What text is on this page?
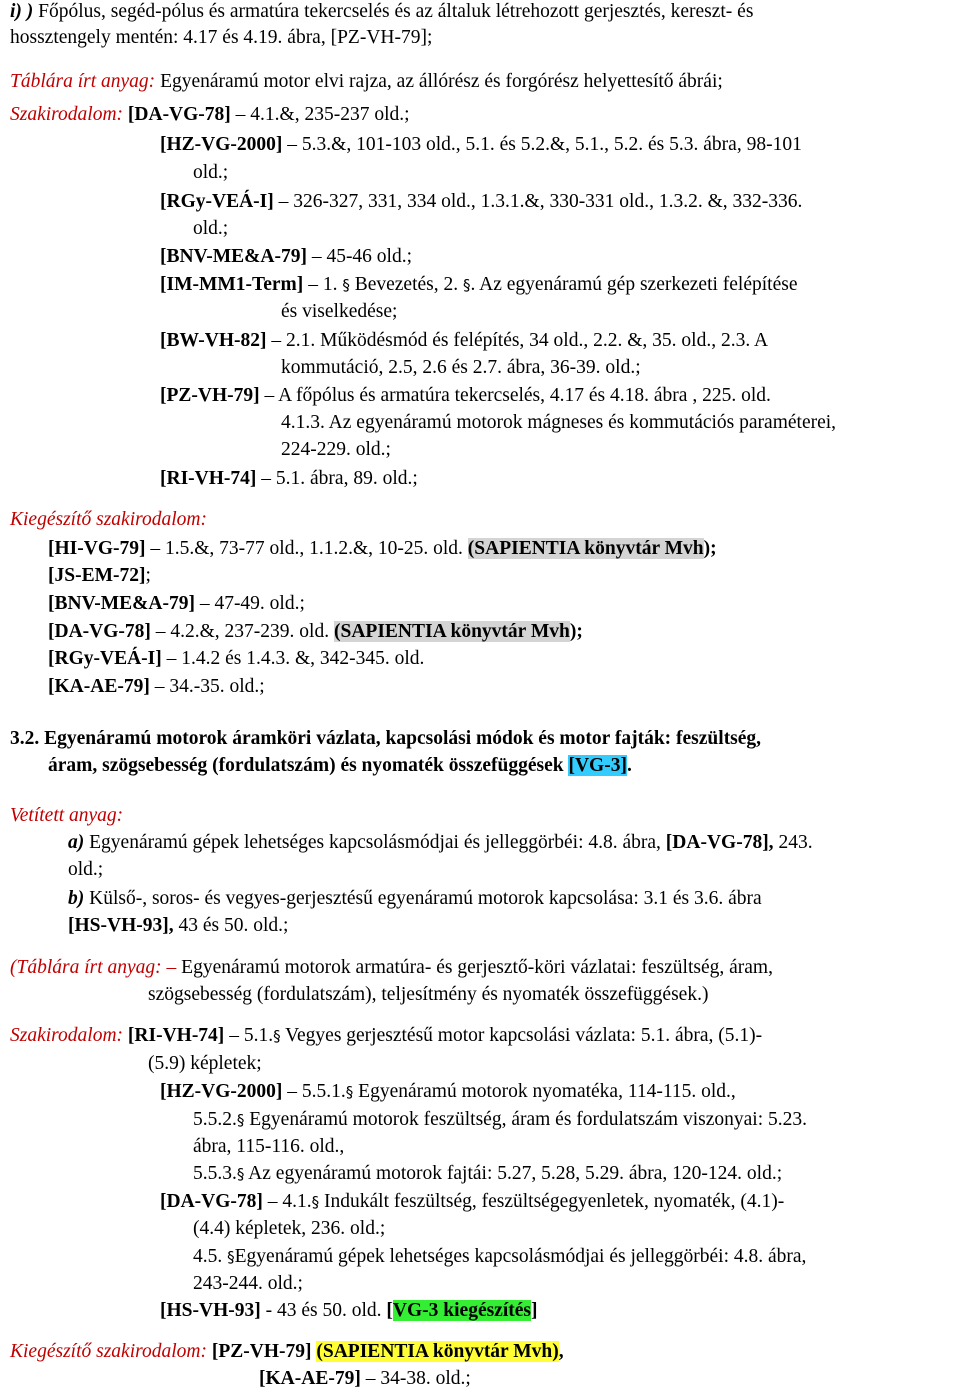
i) ) Főpólus, segéd-pólus és armatúra tekercselés és az általuk létrehozott gerjesztés, kereszt- és
hossztengely mentén: 4.17 és 4.19. ábra, [PZ-VH-79];
Táblára írt anyag: Egyenáramú motor elvi rajza, az állórész és forgórész helyettesítő ábrái;
Szakirodalom: [DA-VG-78] – 4.1.&, 235-237 old.;
[HZ-VG-2000] – 5.3.&, 101-103 old., 5.1. és 5.2.&, 5.1., 5.2. és 5.3. ábra, 98-101
old.;
[RGy-VEÁ-I] – 326-327, 331, 334 old., 1.3.1.&, 330-331 old., 1.3.2. &, 332-336.
old.;
[BNV-ME&A-79] – 45-46 old.;
[IM-MM1-Term] – 1. § Bevezetés, 2. §. Az egyenáramú gép szerkezeti felépítése
és viselkedése;
[BW-VH-82] – 2.1. Működésmód és felépítés, 34 old., 2.2. &, 35. old., 2.3. A
kommutáció, 2.5, 2.6 és 2.7. ábra, 36-39. old.;
[PZ-VH-79] – A főpólus és armatúra tekercselés, 4.17 és 4.18. ábra , 225. old.
4.1.3. Az egyenáramú motorok mágneses és kommutációs paraméterei,
224-229. old.;
[RI-VH-74] – 5.1. ábra, 89. old.;
Kiegészítő szakirodalom:
[HI-VG-79] – 1.5.&, 73-77 old., 1.1.2.&, 10-25. old. (SAPIENTIA könyvtár Mvh);
[JS-EM-72];
[BNV-ME&A-79] – 47-49. old.;
[DA-VG-78] – 4.2.&, 237-239. old. (SAPIENTIA könyvtár Mvh);
[RGy-VEÁ-I] – 1.4.2 és 1.4.3. &, 342-345. old.
[KA-AE-79] – 34.-35. old.;
3.2. Egyenáramú motorok áramköri vázlata, kapcsolási módok és motor fajták: feszültség,
áram, szögsebesség (fordulatszám) és nyomaték összefüggések [VG-3].
Vetített anyag:
a) Egyenáramú gépek lehetséges kapcsolásmódjai és jelleggörbéi: 4.8. ábra, [DA-VG-78], 243.
old.;
b) Külső-, soros- és vegyes-gerjesztésű egyenáramú motorok kapcsolása: 3.1 és 3.6. ábra
[HS-VH-93], 43 és 50. old.;
(Táblára írt anyag: – Egyenáramú motorok armatúra- és gerjesztő-köri vázlatai: feszültség, áram,
szögsebesség (fordulatszám), teljesítmény és nyomaték összefüggések.)
Szakirodalom: [RI-VH-74] – 5.1.§ Vegyes gerjesztésű motor kapcsolási vázlata: 5.1. ábra, (5.1)-
(5.9) képletek;
[HZ-VG-2000] – 5.5.1.§ Egyenáramú motorok nyomatéka, 114-115. old.,
5.5.2.§ Egyenáramú motorok feszültség, áram és fordulatszám viszonyai: 5.23.
ábra, 115-116. old.,
5.5.3.§ Az egyenáramú motorok fajtái: 5.27, 5.28, 5.29. ábra, 120-124. old.;
[DA-VG-78] – 4.1.§ Indukált feszültség, feszültségegyenletek, nyomaték, (4.1)-
(4.4) képletek, 236. old.;
4.5. §Egyenáramú gépek lehetséges kapcsolásmódjai és jelleggörbéi: 4.8. ábra,
243-244. old.;
[HS-VH-93] - 43 és 50. old. [VG-3 kiegészítés]
Kiegészítő szakirodalom: [PZ-VH-79] (SAPIENTIA könyvtár Mvh),
[KA-AE-79] – 34-38. old.;
